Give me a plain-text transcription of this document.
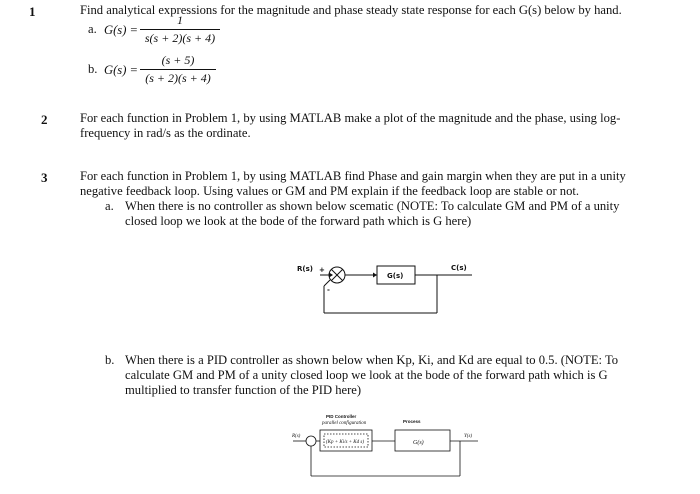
1	Find analytical expressions for the magnitude and phase steady state response for each G(s) below by hand.
a. G(s) =
1
s(s + 2)(s + 4)
b. G(s) =
(s + 5)
(s + 2)(s + 4)
2	For each function in Problem 1, by using MATLAB make a plot of the magnitude and the phase, using log-
frequency in rad/s as the ordinate.
3	For each function in Problem 1, by using MATLAB find Phase and gain margin when they are put in a unity
negative feedback loop. Using values or GM and PM explain if the feedback loop are stable or not.
a. When there is no controller as shown below scematic (NOTE: To calculate GM and PM of a unity
closed loop we look at the bode of the forward path which is G here)
R(s) +
-
G(s)
C(s)
b. When there is a PID controller as shown below when Kp, Ki, and Kd are equal to 0.5. (NOTE: To
calculate GM and PM of a unity closed loop we look at the bode of the forward path which is G
multiplied to transfer function of the PID here)
PID Controller
parallel configuration
(Kp + Ki/s + Kd s)
Process
G(s)
R(s)	Y(s)
